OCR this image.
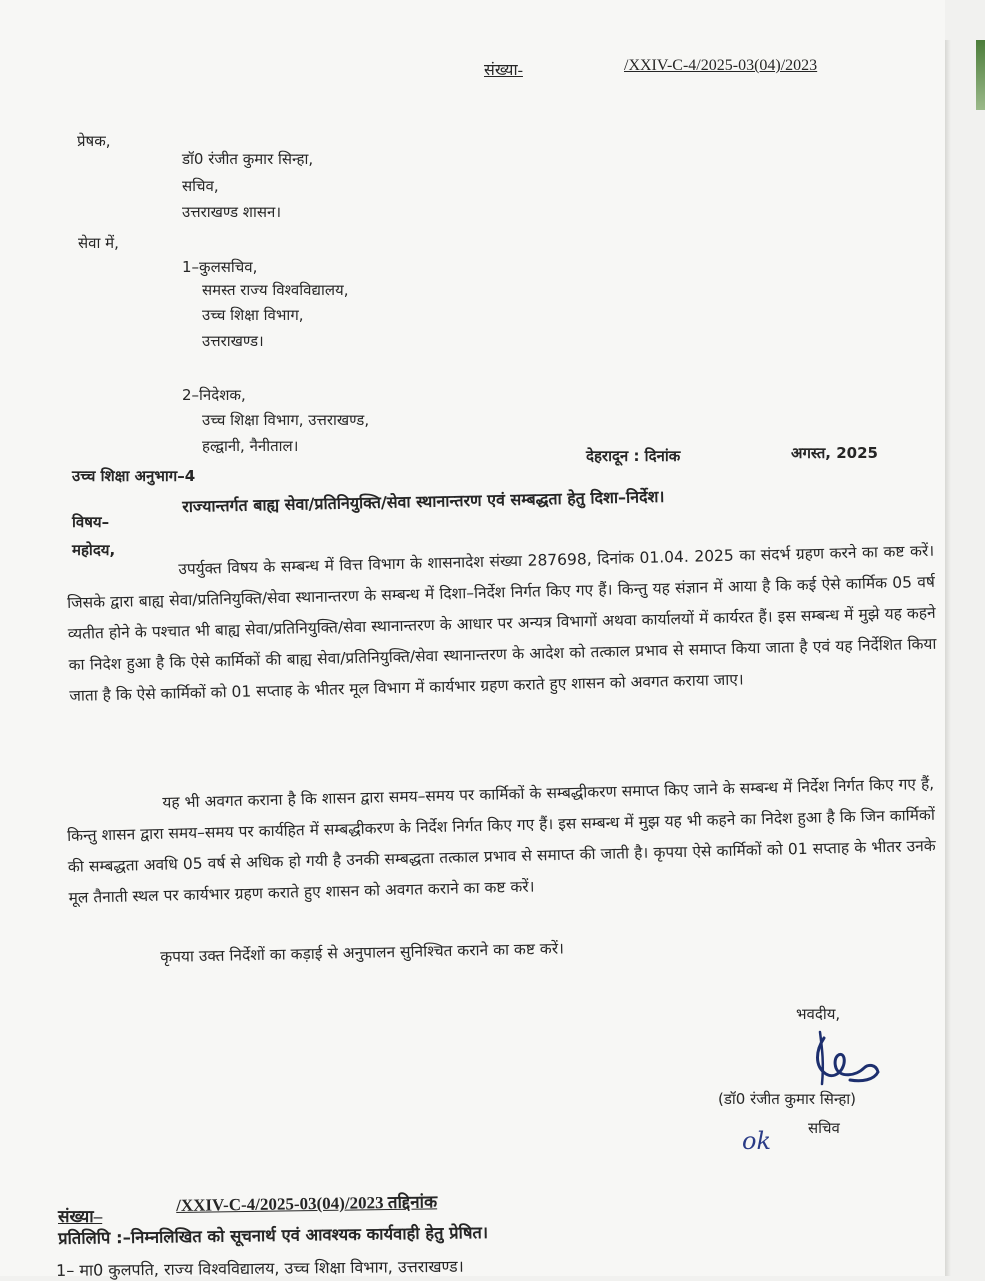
संख्या-	/XXIV-C-4/2025-03(04)/2023
प्रेषक,
डॉ0 रंजीत कुमार सिन्हा,
सचिव,
उत्तराखण्ड शासन।
सेवा में,
1–कुलसचिव,
समस्त राज्य विश्वविद्यालय,
उच्च शिक्षा विभाग,
उत्तराखण्ड।
2–निदेशक,
उच्च शिक्षा विभाग, उत्तराखण्ड,
हल्द्वानी, नैनीताल।
उच्च शिक्षा अनुभाग–4
देहरादून : दिनांक	अगस्त, 2025
विषय–
राज्यान्तर्गत बाह्य सेवा/प्रतिनियुक्ति/सेवा स्थानान्तरण एवं सम्बद्धता हेतु दिशा–निर्देश।
महोदय,	उपर्युक्त विषय के सम्बन्ध में वित्त विभाग के शासनादेश संख्या 287698, दिनांक 01.04. 2025 का संदर्भ ग्रहण करने का कष्ट करें। जिसके द्वारा बाह्य सेवा/प्रतिनियुक्ति/सेवा स्थानान्तरण के सम्बन्ध में दिशा–निर्देश निर्गत किए गए हैं। किन्तु यह संज्ञान में आया है कि कई ऐसे कार्मिक 05 वर्ष व्यतीत होने के पश्चात भी बाह्य सेवा/प्रतिनियुक्ति/सेवा स्थानान्तरण के आधार पर अन्यत्र विभागों अथवा कार्यालयों में कार्यरत हैं। इस सम्बन्ध में मुझे यह कहने का निदेश हुआ है कि ऐसे कार्मिकों की बाह्य सेवा/प्रतिनियुक्ति/सेवा स्थानान्तरण के आदेश को तत्काल प्रभाव से समाप्त किया जाता है एवं यह निर्देशित किया जाता है कि ऐसे कार्मिकों को 01 सप्ताह के भीतर मूल विभाग में कार्यभार ग्रहण कराते हुए शासन को अवगत कराया जाए।
यह भी अवगत कराना है कि शासन द्वारा समय–समय पर कार्मिकों के सम्बद्धीकरण समाप्त किए जाने के सम्बन्ध में निर्देश निर्गत किए गए हैं, किन्तु शासन द्वारा समय–समय पर कार्यहित में सम्बद्धीकरण के निर्देश निर्गत किए गए हैं। इस सम्बन्ध में मुझ यह भी कहने का निदेश हुआ है कि जिन कार्मिकों की सम्बद्धता अवधि 05 वर्ष से अधिक हो गयी है उनकी सम्बद्धता तत्काल प्रभाव से समाप्त की जाती है। कृपया ऐसे कार्मिकों को 01 सप्ताह के भीतर उनके मूल तैनाती स्थल पर कार्यभार ग्रहण कराते हुए शासन को अवगत कराने का कष्ट करें।
कृपया उक्त निर्देशों का कड़ाई से अनुपालन सुनिश्चित कराने का कष्ट करें।
भवदीय,
(डॉ0 रंजीत कुमार सिन्हा)
सचिव
ok
संख्या–
/XXIV-C-4/2025-03(04)/2023 तद्दिनांक
प्रतिलिपि :–निम्नलिखित को सूचनार्थ एवं आवश्यक कार्यवाही हेतु प्रेषित।
1– मा0 कुलपति, राज्य विश्वविद्यालय, उच्च शिक्षा विभाग, उत्तराखण्ड।
